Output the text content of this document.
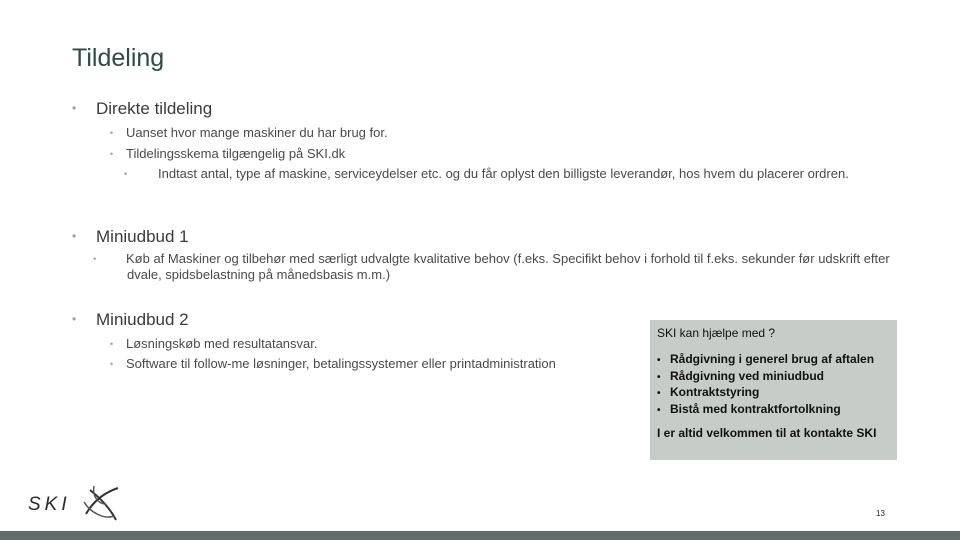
Tildeling
• Direkte tildeling
• Uanset hvor mange maskiner du har brug for.
• Tildelingsskema tilgængelig på SKI.dk
• Indtast antal, type af maskine, serviceydelser etc. og du får oplyst den billigste leverandør, hos hvem du placerer ordren.
• Miniudbud 1
• Køb af Maskiner og tilbehør med særligt udvalgte kvalitative behov (f.eks. Specifikt behov i forhold til f.eks. sekunder før udskrift efter dvale, spidsbelastning på månedsbasis m.m.)
• Miniudbud 2
• Løsningskøb med resultatansvar.
• Software til follow-me løsninger, betalingssystemer eller printadministration
SKI kan hjælpe med ?
• Rådgivning i generel brug af aftalen
• Rådgivning ved miniudbud
• Kontraktstyring
• Bistå med kontraktfortolkning
I er altid velkommen til at kontakte SKI
SKI	13
